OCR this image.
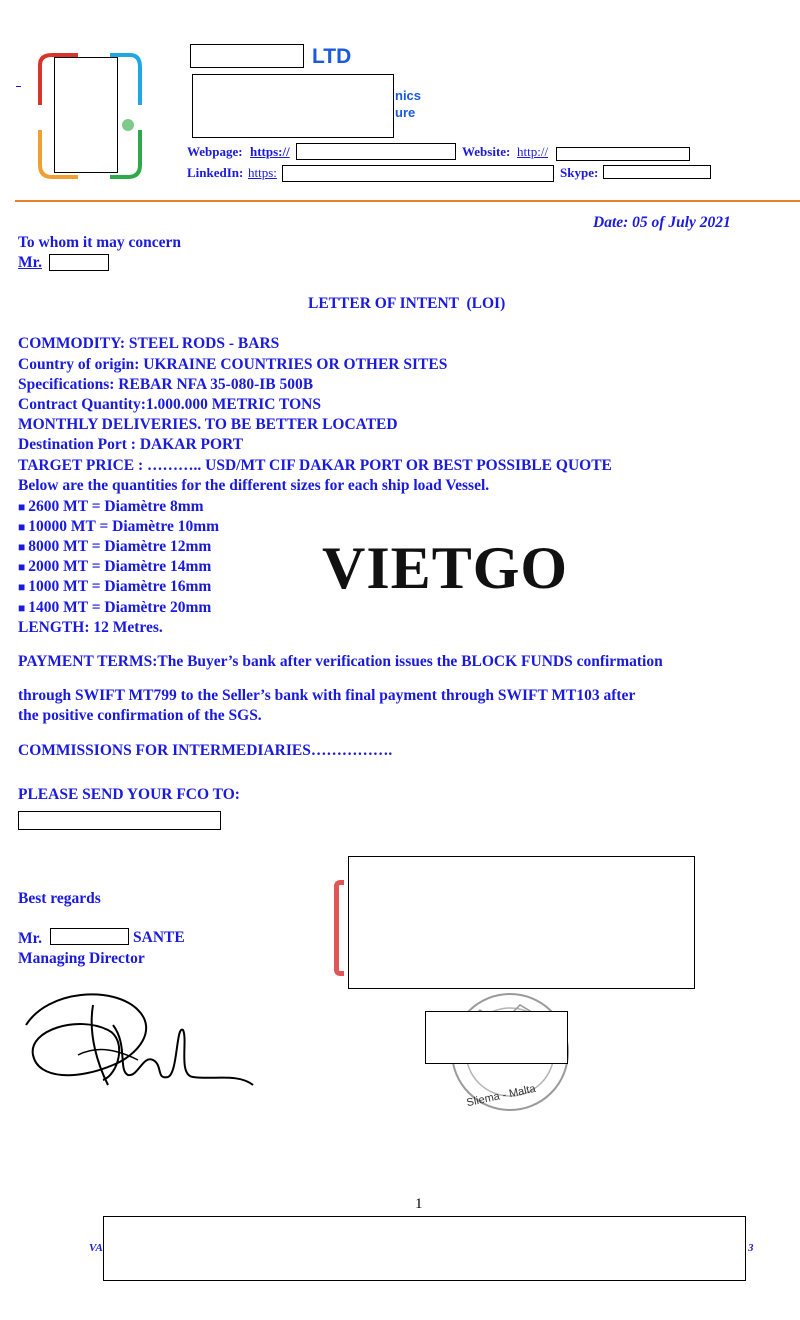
LTD
nics
ure
Webpage: https://	Website: http://
LinkedIn: https:	Skype:
Date: 05 of July 2021
To whom it may concern
Mr.
LETTER OF INTENT  (LOI)
COMMODITY: STEEL RODS - BARS
Country of origin: UKRAINE COUNTRIES OR OTHER SITES
Specifications: REBAR NFA 35-080-IB 500B
Contract Quantity:1.000.000 METRIC TONS
MONTHLY DELIVERIES. TO BE BETTER LOCATED
Destination Port : DAKAR PORT
TARGET PRICE : ……….. USD/MT CIF DAKAR PORT OR BEST POSSIBLE QUOTE
Below are the quantities for the different sizes for each ship load Vessel.
■ 2600 MT = Diamètre 8mm
■ 10000 MT = Diamètre 10mm
■ 8000 MT = Diamètre 12mm
■ 2000 MT = Diamètre 14mm
■ 1000 MT = Diamètre 16mm
■ 1400 MT = Diamètre 20mm
LENGTH: 12 Metres.
VIETGO
PAYMENT TERMS:The Buyer’s bank after verification issues the BLOCK FUNDS confirmation
through SWIFT MT799 to the Seller’s bank with final payment through SWIFT MT103 after
the positive confirmation of the SGS.
COMMISSIONS FOR INTERMEDIARIES…………….
PLEASE SEND YOUR FCO TO:
Best regards
Mr.	SANTE
Managing Director
Sliema - Malta
1
VA	3
